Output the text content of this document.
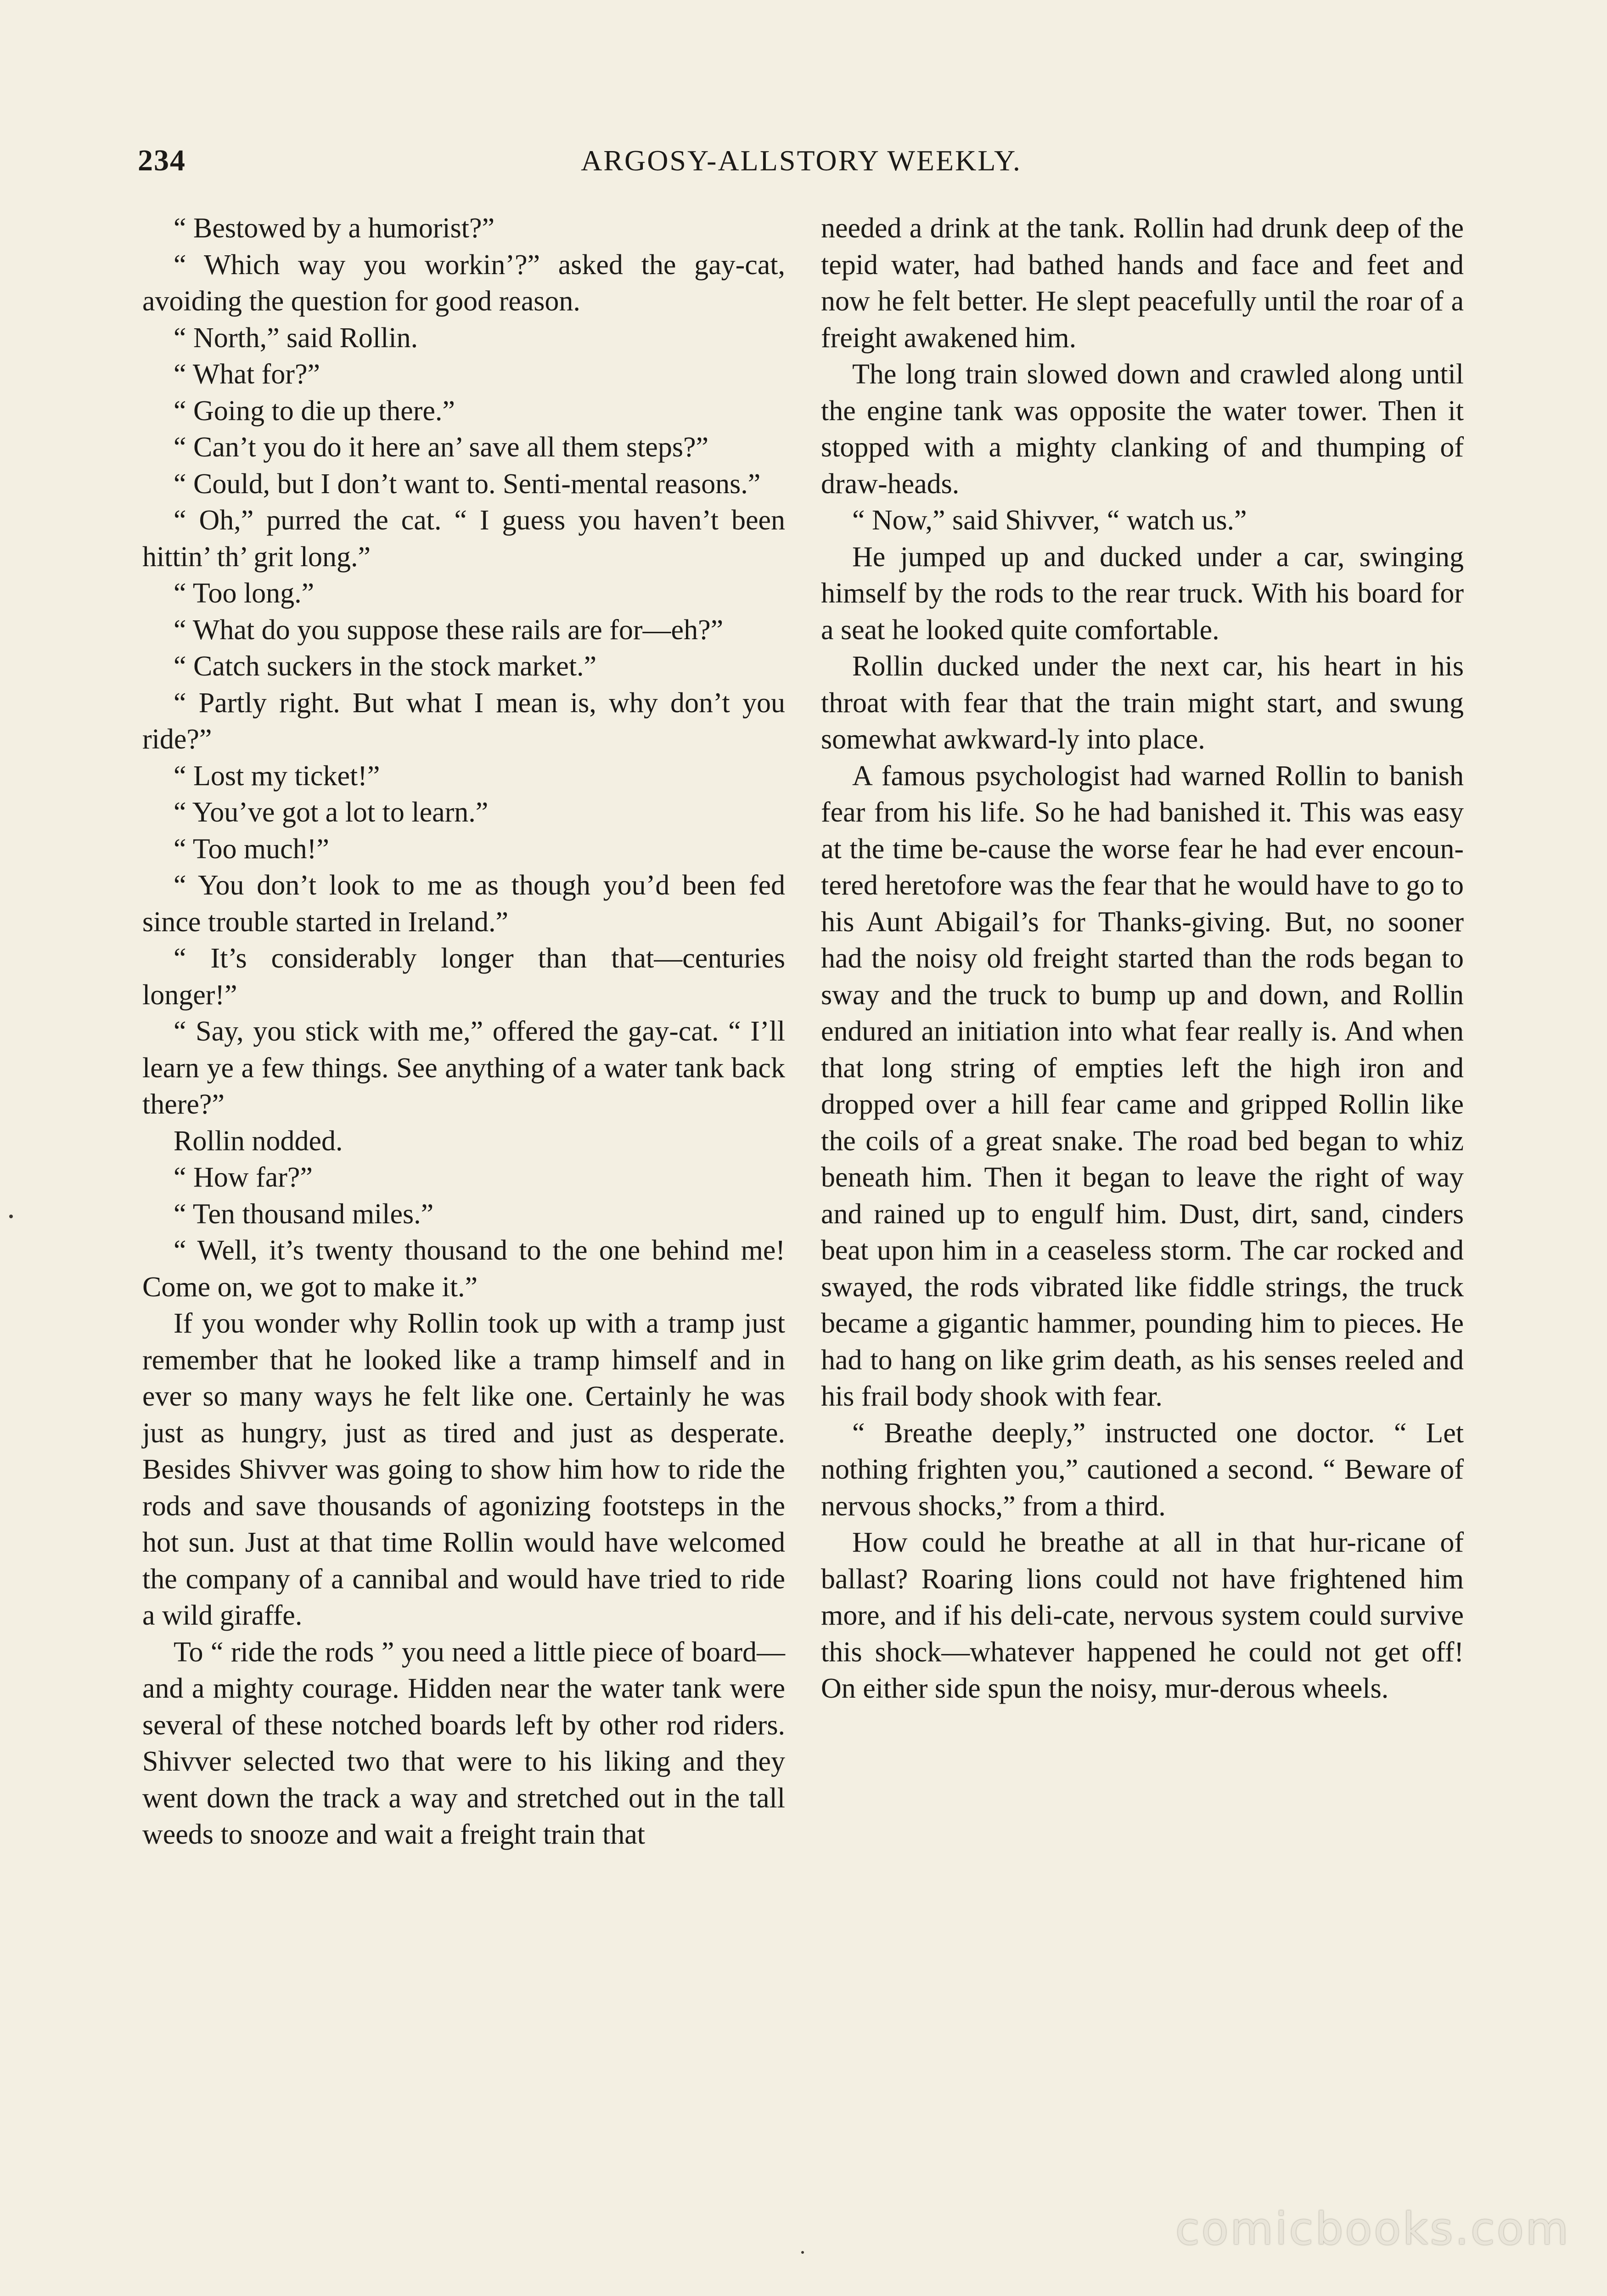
234	ARGOSY-ALLSTORY WEEKLY.

“ Bestowed by a humorist?”

“ Which way you workin’?” asked the gay-cat, avoiding the question for good reason.

“ North,” said Rollin.

“ What for?”

“ Going to die up there.”

“ Can’t you do it here an’ save all them steps?”

“ Could, but I don’t want to. Senti-mental reasons.”

“ Oh,” purred the cat. “ I guess you haven’t been hittin’ th’ grit long.”

“ Too long.”

“ What do you suppose these rails are for—eh?”

“ Catch suckers in the stock market.”

“ Partly right. But what I mean is, why don’t you ride?”

“ Lost my ticket!”

“ You’ve got a lot to learn.”

“ Too much!”

“ You don’t look to me as though you’d been fed since trouble started in Ireland.”

“ It’s considerably longer than that—centuries longer!”

“ Say, you stick with me,” offered the gay-cat. “ I’ll learn ye a few things. See anything of a water tank back there?”

Rollin nodded.

“ How far?”

“ Ten thousand miles.”

“ Well, it’s twenty thousand to the one behind me! Come on, we got to make it.”

If you wonder why Rollin took up with a tramp just remember that he looked like a tramp himself and in ever so many ways he felt like one. Certainly he was just as hungry, just as tired and just as desperate. Besides Shivver was going to show him how to ride the rods and save thousands of agonizing footsteps in the hot sun. Just at that time Rollin would have welcomed the company of a cannibal and would have tried to ride a wild giraffe.

To “ ride the rods ” you need a little piece of board—and a mighty courage. Hidden near the water tank were several of these notched boards left by other rod riders. Shivver selected two that were to his liking and they went down the track a way and stretched out in the tall weeds to snooze and wait a freight train that

needed a drink at the tank. Rollin had drunk deep of the tepid water, had bathed hands and face and feet and now he felt better. He slept peacefully until the roar of a freight awakened him.

The long train slowed down and crawled along until the engine tank was opposite the water tower. Then it stopped with a mighty clanking of and thumping of draw-heads.

“ Now,” said Shivver, “ watch us.”

He jumped up and ducked under a car, swinging himself by the rods to the rear truck. With his board for a seat he looked quite comfortable.

Rollin ducked under the next car, his heart in his throat with fear that the train might start, and swung somewhat awkward-ly into place.

A famous psychologist had warned Rollin to banish fear from his life. So he had banished it. This was easy at the time be-cause the worse fear he had ever encoun-tered heretofore was the fear that he would have to go to his Aunt Abigail’s for Thanks-giving. But, no sooner had the noisy old freight started than the rods began to sway and the truck to bump up and down, and Rollin endured an initiation into what fear really is. And when that long string of empties left the high iron and dropped over a hill fear came and gripped Rollin like the coils of a great snake. The road bed began to whiz beneath him. Then it began to leave the right of way and rained up to engulf him. Dust, dirt, sand, cinders beat upon him in a ceaseless storm. The car rocked and swayed, the rods vibrated like fiddle strings, the truck became a gigantic hammer, pounding him to pieces. He had to hang on like grim death, as his senses reeled and his frail body shook with fear.

“ Breathe deeply,” instructed one doctor. “ Let nothing frighten you,” cautioned a second. “ Beware of nervous shocks,” from a third.

How could he breathe at all in that hur-ricane of ballast? Roaring lions could not have frightened him more, and if his deli-cate, nervous system could survive this shock—whatever happened he could not get off! On either side spun the noisy, mur-derous wheels.

comicbooks.com
